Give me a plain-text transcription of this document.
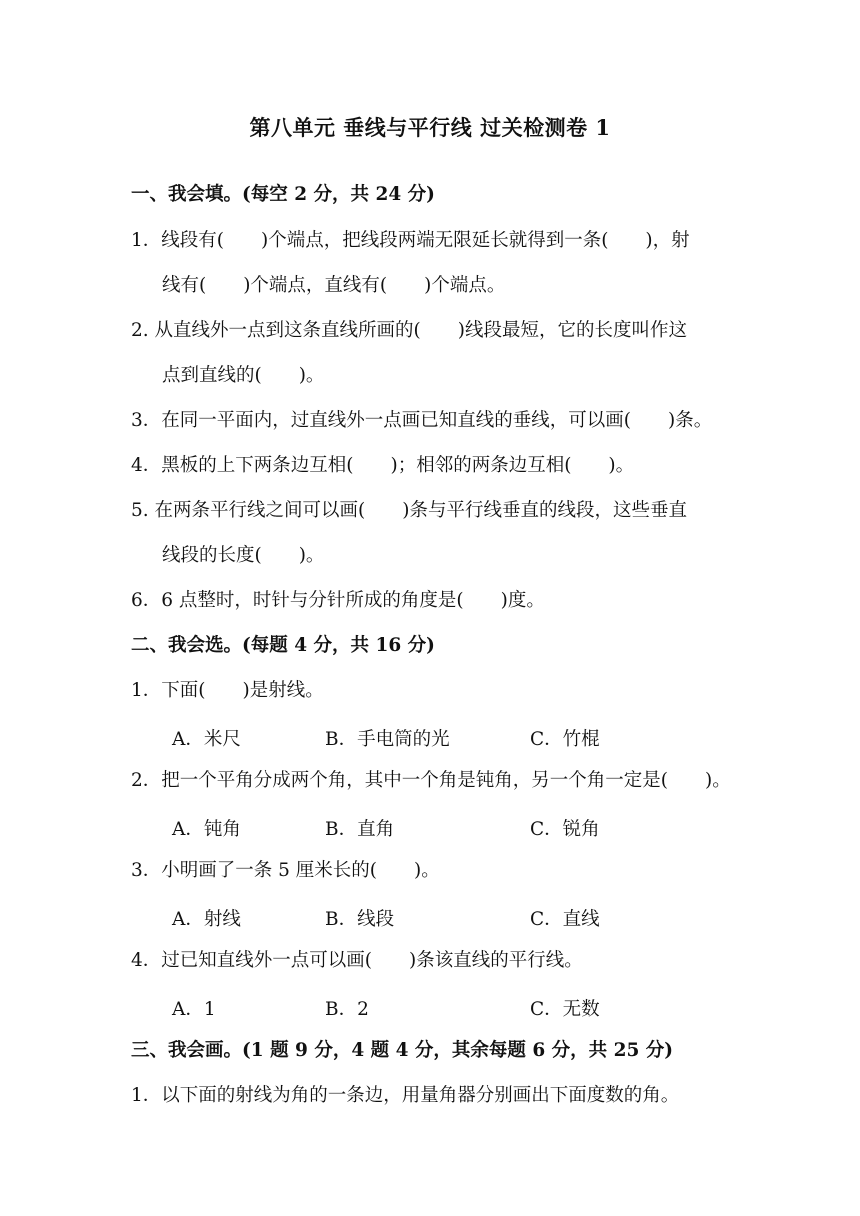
第八单元 垂线与平行线 过关检测卷 1
一、我会填。(每空 2 分，共 24 分)
1．线段有(　　)个端点，把线段两端无限延长就得到一条(　　)，射
线有(　　)个端点，直线有(　　)个端点。
2. 从直线外一点到这条直线所画的(　　)线段最短，它的长度叫作这
点到直线的(　　)。
3．在同一平面内，过直线外一点画已知直线的垂线，可以画(　　)条。
4．黑板的上下两条边互相(　　)；相邻的两条边互相(　　)。
5. 在两条平行线之间可以画(　　)条与平行线垂直的线段，这些垂直
线段的长度(　　)。
6．6 点整时，时针与分针所成的角度是(　　)度。
二、我会选。(每题 4 分，共 16 分)
1．下面(　　)是射线。
A．米尺	B．手电筒的光	C．竹棍
2．把一个平角分成两个角，其中一个角是钝角，另一个角一定是(　　)。
A．钝角	B．直角	C．锐角
3．小明画了一条 5 厘米长的(　　)。
A．射线	B．线段	C．直线
4．过已知直线外一点可以画(　　)条该直线的平行线。
A．1	B．2	C．无数
三、我会画。(1 题 9 分，4 题 4 分，其余每题 6 分，共 25 分)
1．以下面的射线为角的一条边，用量角器分别画出下面度数的角。
